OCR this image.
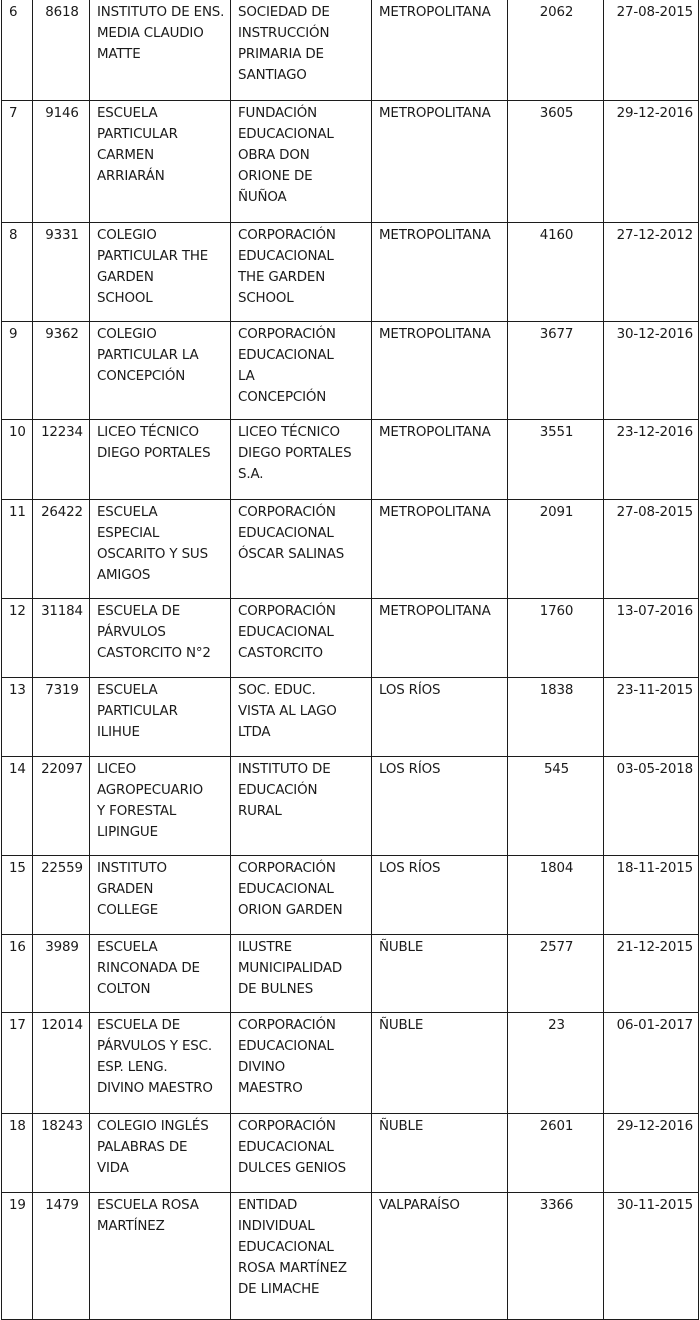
6	8618	INSTITUTO DE ENS.
MEDIA CLAUDIO
MATTE	SOCIEDAD DE
INSTRUCCIÓN
PRIMARIA DE
SANTIAGO	METROPOLITANA	2062	27-08-2015
7	9146	ESCUELA
PARTICULAR
CARMEN
ARRIARÁN	FUNDACIÓN
EDUCACIONAL
OBRA DON
ORIONE DE
ÑUÑOA	METROPOLITANA	3605	29-12-2016
8	9331	COLEGIO
PARTICULAR THE
GARDEN
SCHOOL	CORPORACIÓN
EDUCACIONAL
THE GARDEN
SCHOOL	METROPOLITANA	4160	27-12-2012
9	9362	COLEGIO
PARTICULAR LA
CONCEPCIÓN	CORPORACIÓN
EDUCACIONAL
LA
CONCEPCIÓN	METROPOLITANA	3677	30-12-2016
10	12234	LICEO TÉCNICO
DIEGO PORTALES	LICEO TÉCNICO
DIEGO PORTALES
S.A.	METROPOLITANA	3551	23-12-2016
11	26422	ESCUELA
ESPECIAL
OSCARITO Y SUS
AMIGOS	CORPORACIÓN
EDUCACIONAL
ÓSCAR SALINAS	METROPOLITANA	2091	27-08-2015
12	31184	ESCUELA DE
PÁRVULOS
CASTORCITO N°2	CORPORACIÓN
EDUCACIONAL
CASTORCITO	METROPOLITANA	1760	13-07-2016
13	7319	ESCUELA
PARTICULAR
ILIHUE	SOC. EDUC.
VISTA AL LAGO
LTDA	LOS RÍOS	1838	23-11-2015
14	22097	LICEO
AGROPECUARIO
Y FORESTAL
LIPINGUE	INSTITUTO DE
EDUCACIÓN
RURAL	LOS RÍOS	545	03-05-2018
15	22559	INSTITUTO
GRADEN
COLLEGE	CORPORACIÓN
EDUCACIONAL
ORION GARDEN	LOS RÍOS	1804	18-11-2015
16	3989	ESCUELA
RINCONADA DE
COLTON	ILUSTRE
MUNICIPALIDAD
DE BULNES	ÑUBLE	2577	21-12-2015
17	12014	ESCUELA DE
PÁRVULOS Y ESC.
ESP. LENG.
DIVINO MAESTRO	CORPORACIÓN
EDUCACIONAL
DIVINO
MAESTRO	ÑUBLE	23	06-01-2017
18	18243	COLEGIO INGLÉS
PALABRAS DE
VIDA	CORPORACIÓN
EDUCACIONAL
DULCES GENIOS	ÑUBLE	2601	29-12-2016
19	1479	ESCUELA ROSA
MARTÍNEZ	ENTIDAD
INDIVIDUAL
EDUCACIONAL
ROSA MARTÍNEZ
DE LIMACHE	VALPARAÍSO	3366	30-11-2015
